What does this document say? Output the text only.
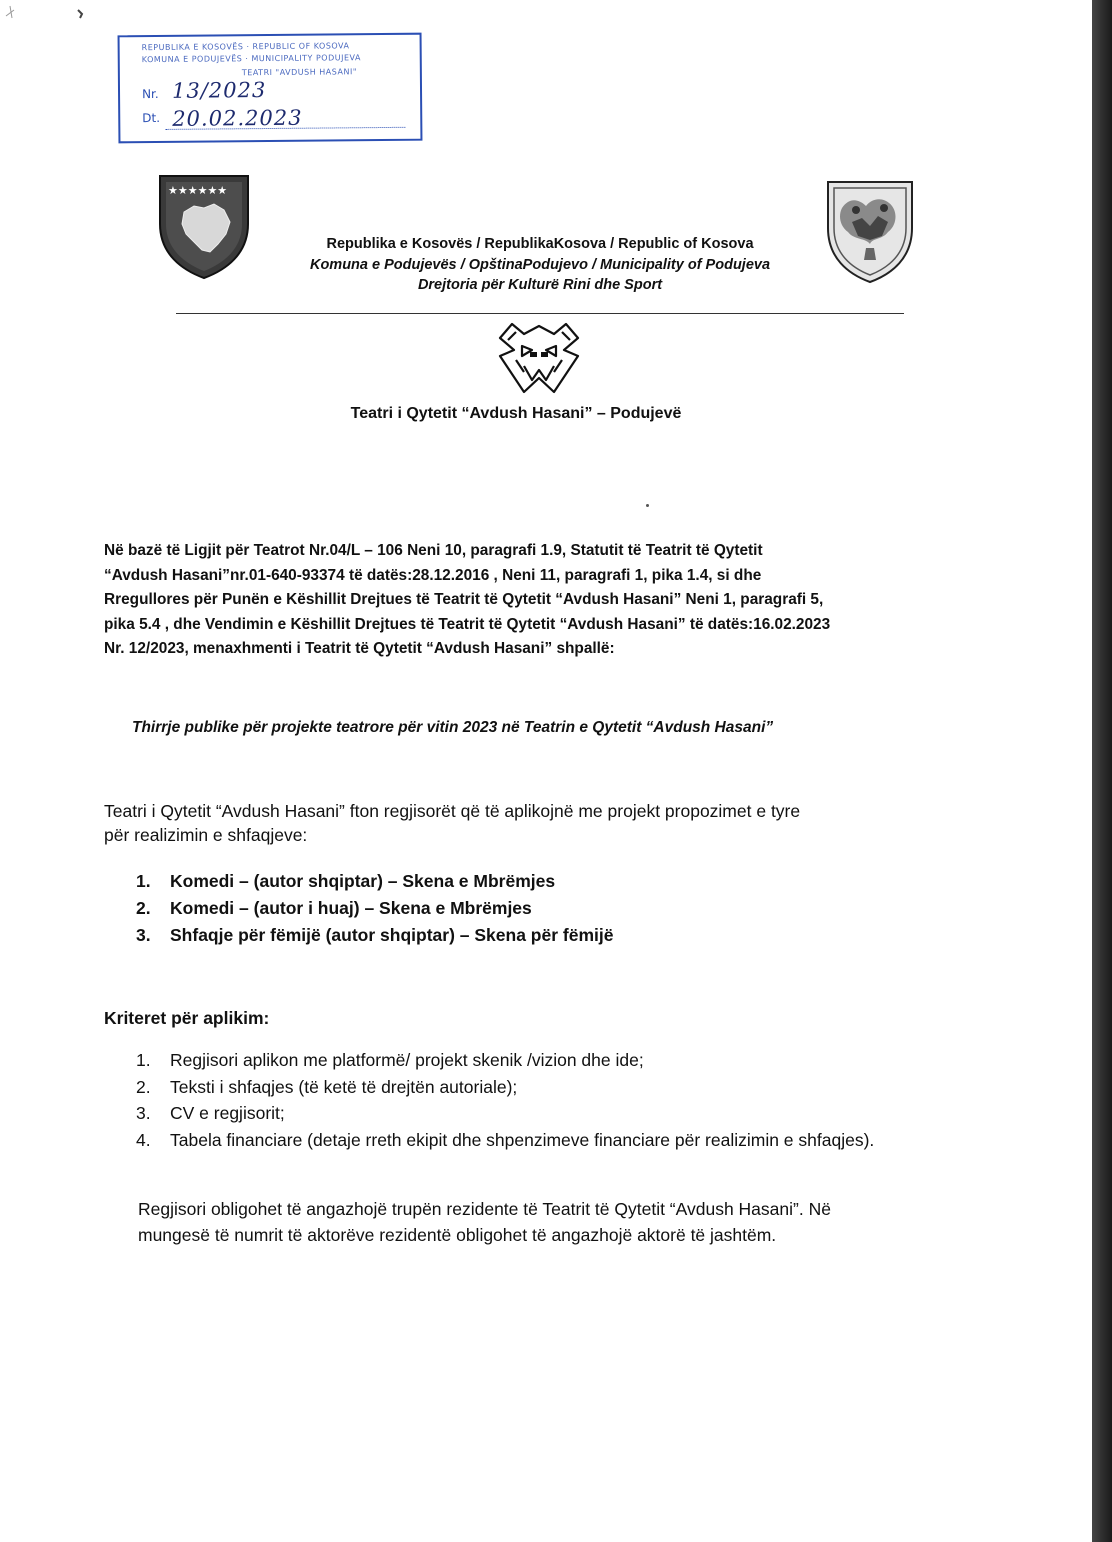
REPUBLIKA E KOSOVËS · REPUBLIC OF KOSOVA
KOMUNA E PODUJEVËS · MUNICIPALITY PODUJEVA
TEATRI "AVDUSH HASANI"
Nr. 13/2023
Dt. 20.02.2023
★★★★★★
Republika e Kosovës / RepublikaKosova / Republic of Kosova
Komuna e Podujevës / OpštinaPodujevo / Municipality of Podujeva
Drejtoria për Kulturë Rini dhe Sport
Teatri i Qytetit “Avdush Hasani” – Podujevë

Në bazë të Ligjit për Teatrot Nr.04/L – 106 Neni 10, paragrafi 1.9, Statutit të Teatrit të Qytetit
“Avdush Hasani”nr.01-640-93374 të datës:28.12.2016 , Neni 11, paragrafi 1, pika 1.4, si dhe
Rregullores për Punën e Këshillit Drejtues të Teatrit të Qytetit “Avdush Hasani” Neni 1, paragrafi 5,
pika 5.4 , dhe Vendimin e Këshillit Drejtues të Teatrit të Qytetit “Avdush Hasani” të datës:16.02.2023
Nr. 12/2023, menaxhmenti i Teatrit të Qytetit “Avdush Hasani” shpallë:

Thirrje publike për projekte teatrore për vitin 2023 në Teatrin e Qytetit “Avdush Hasani”

Teatri i Qytetit “Avdush Hasani” fton regjisorët që të aplikojnë me projekt propozimet e tyre
për realizimin e shfaqjeve:

1. Komedi – (autor shqiptar) – Skena e Mbrëmjes
2. Komedi – (autor i huaj) – Skena e Mbrëmjes
3. Shfaqje për fëmijë (autor shqiptar) – Skena për fëmijë

Kriteret për aplikim:

1. Regjisori aplikon me platformë/ projekt skenik /vizion dhe ide;
2. Teksti i shfaqjes (të ketë të drejtën autoriale);
3. CV e regjisorit;
4. Tabela financiare (detaje rreth ekipit dhe shpenzimeve financiare për realizimin e shfaqjes).

Regjisori obligohet të angazhojë trupën rezidente të Teatrit të Qytetit “Avdush Hasani”. Në
mungesë të numrit të aktorëve rezidentë obligohet të angazhojë aktorë të jashtëm.
